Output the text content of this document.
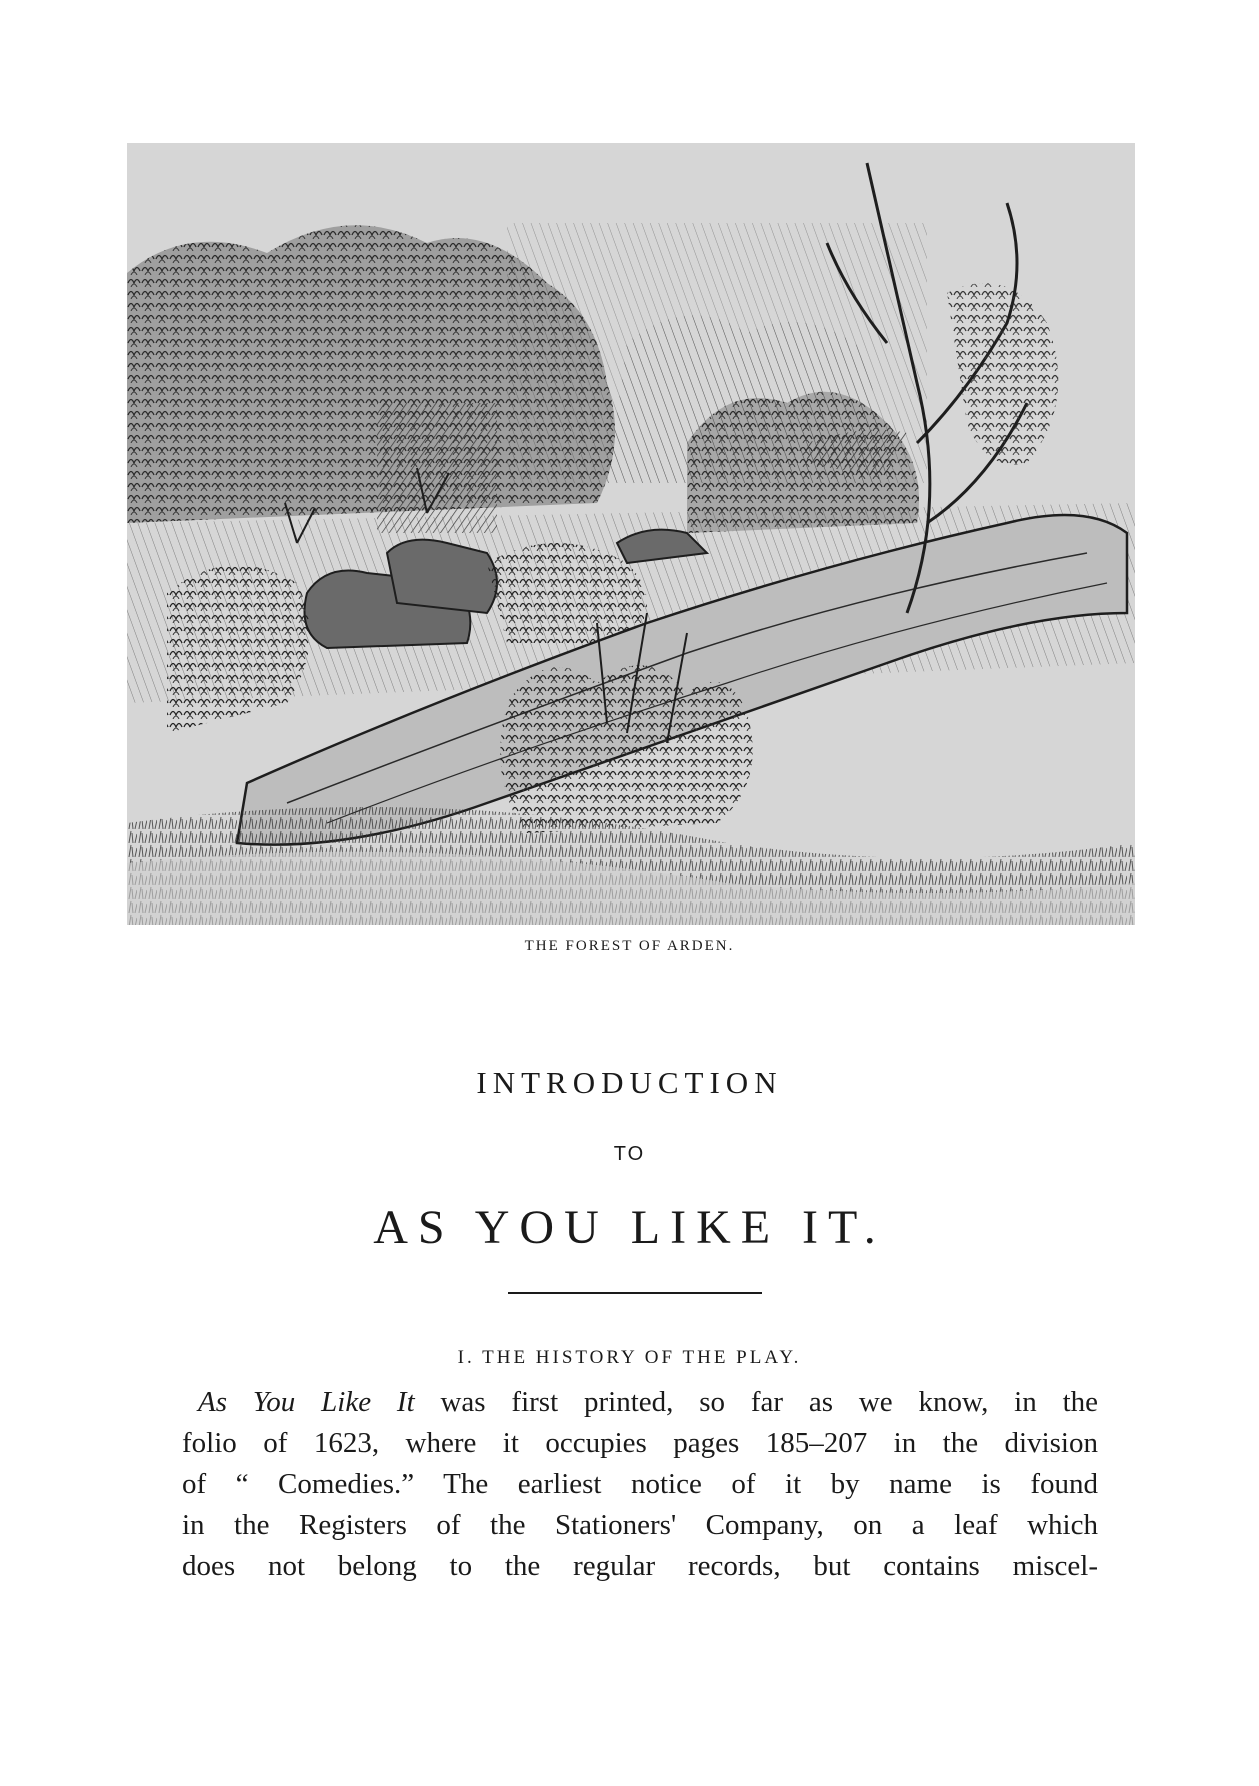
THE FOREST OF ARDEN.
INTRODUCTION
TO
AS YOU LIKE IT.
I. THE HISTORY OF THE PLAY.
As You Like It was first printed, so far as we know, in the
folio of 1623, where it occupies pages 185–207 in the division
of “ Comedies.” The earliest notice of it by name is found
in the Registers of the Stationers' Company, on a leaf which
does not belong to the regular records, but contains miscel-
